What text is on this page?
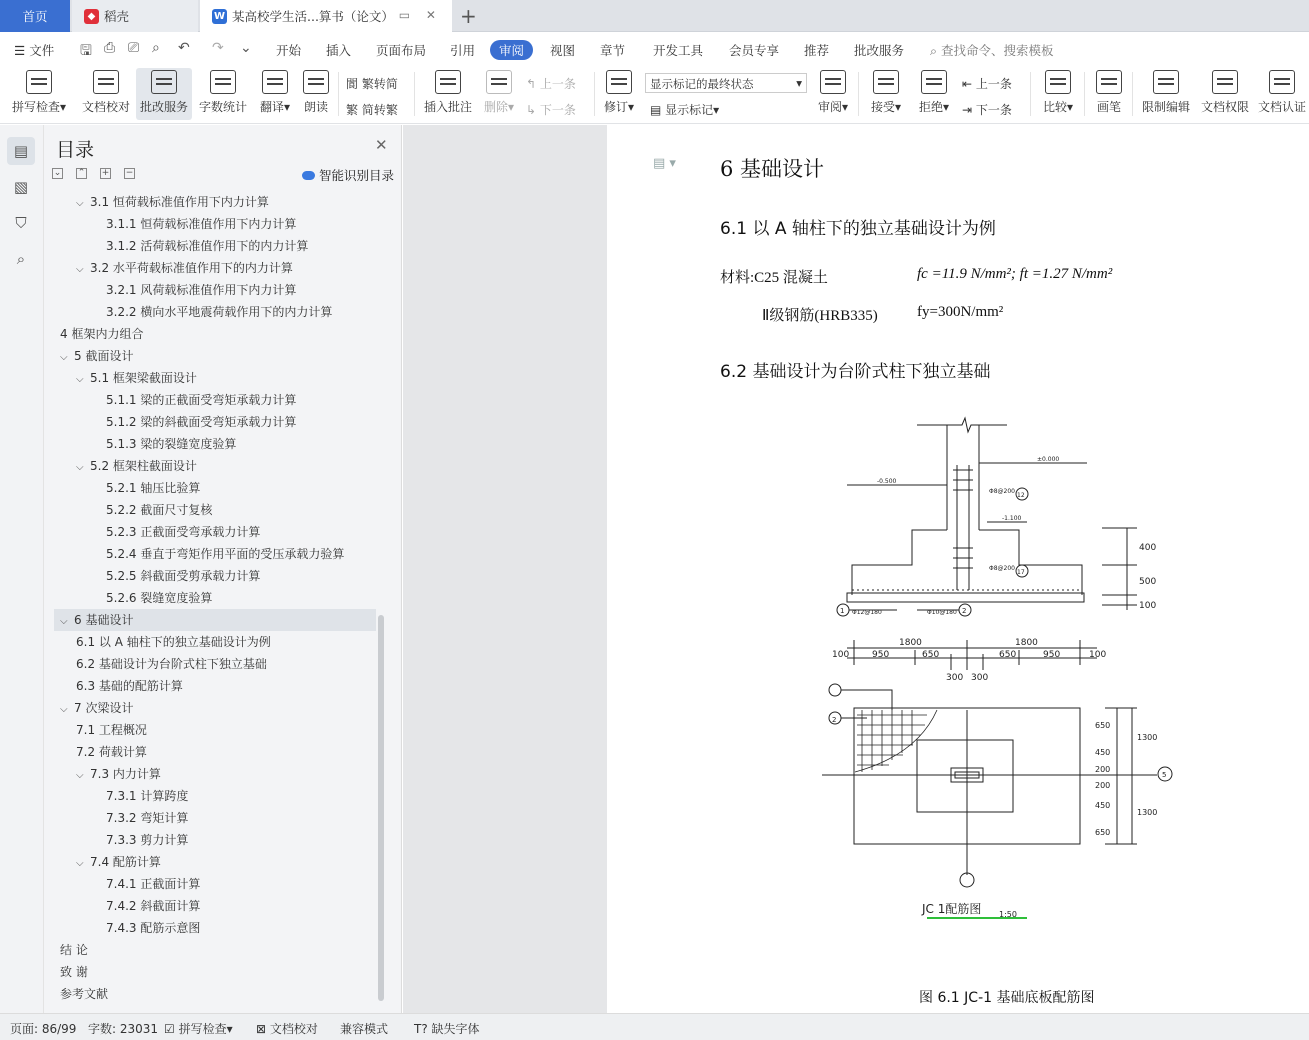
首页	◆ 稻壳	W 某高校学生活...算书（论文） ▭ ✕ +
☰ 文件 🖫 ⎙ ⎚ ⌕ ↶ ↷ ⌄ 开始 插入 页面布局 引用	审阅	视图 章节 开发工具 会员专享 推荐 批改服务 ⌕ 查找命令、搜索模板
拼写检查▾	文档校对 批改服务 字数统计	翻译▾	朗读
閬 繁转简
繁 简转繁	插入批注 删除▾
↰ 上一条
↳ 下一条	修订▾
显示标记的最终状态	▾
▤ 显示标记▾	审阅▾	接受▾	拒绝▾
⇤ 上一条
⇥ 下一条	比较▾	画笔	限制编辑 文档权限 文档认证
▤
▧
⛉
⌕
目录	✕
⌄ ⌃ + −	智能识别目录
⌵ 3.1 恒荷载标准值作用下内力计算
3.1.1 恒荷载标准值作用下内力计算
3.1.2 活荷载标准值作用下的内力计算
⌵ 3.2 水平荷载标准值作用下的内力计算
3.2.1 风荷载标准值作用下内力计算
3.2.2 横向水平地震荷载作用下的内力计算
4 框架内力组合
⌵ 5 截面设计
⌵ 5.1 框架梁截面设计
5.1.1 梁的正截面受弯矩承载力计算
5.1.2 梁的斜截面受弯矩承载力计算
5.1.3 梁的裂缝宽度验算
⌵ 5.2 框架柱截面设计
5.2.1 轴压比验算
5.2.2 截面尺寸复核
5.2.3 正截面受弯承载力计算
5.2.4 垂直于弯矩作用平面的受压承载力验算
5.2.5 斜截面受剪承载力计算
5.2.6 裂缝宽度验算
⌵ 6 基础设计
6.1 以 A 轴柱下的独立基础设计为例
6.2 基础设计为台阶式柱下独立基础
6.3 基础的配筋计算
⌵ 7 次梁设计
7.1 工程概况
7.2 荷载计算
⌵ 7.3 内力计算
7.3.1 计算跨度
7.3.2 弯矩计算
7.3.3 剪力计算
⌵ 7.4 配筋计算
7.4.1 正截面计算
7.4.2 斜截面计算
7.4.3 配筋示意图
结 论
致 谢
参考文献
▤ ▾ 6 基础设计
6.1 以 A 轴柱下的独立基础设计为例
材料:C25 混凝土	fc =11.9 N/mm²; ft =1.27 N/mm²
Ⅱ级钢筋(HRB335)	fy=300N/mm²
6.2 基础设计为台阶式柱下独立基础
Φ8@200
Φ8@200
Φ12@180	Φ10@180
-0.500
±0.000
-1.100
1	2
12
17
2
5
1800	1800
100	950	650	650	950	100
300 300
400
500
100
650
450
200
200
450
650
1300
1300
JC 1配筋图 1:50
图 6.1 JC-1 基础底板配筋图
页面: 86/99 字数: 23031 ☑ 拼写检查▾ ⊠ 文档校对 兼容模式 T? 缺失字体
